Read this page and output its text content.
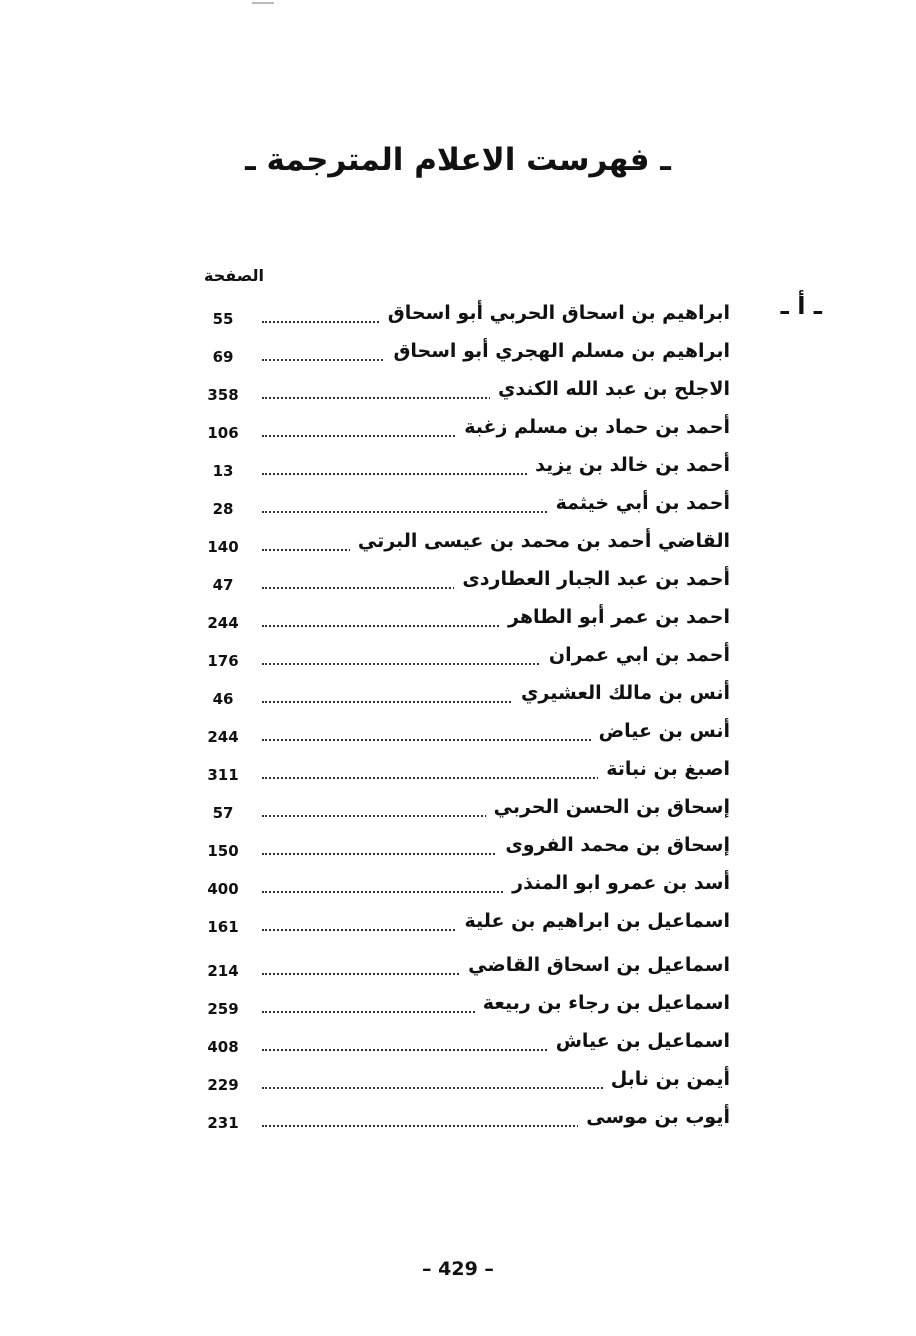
ـ فهرست الاعلام المترجمة ـ
الصفحة
ـ أ ـ
55	ابراهيم بن اسحاق الحربي أبو اسحاق
69	ابراهيم بن مسلم الهجري أبو اسحاق
358	الاجلح بن عبد الله الكندي
106	أحمد بن حماد بن مسلم زغبة
13	أحمد بن خالد بن يزيد
28	أحمد بن أبي خيثمة
140	القاضي أحمد بن محمد بن عيسى البرتي
47	أحمد بن عبد الجبار العطاردى
244	احمد بن عمر أبو الطاهر
176	أحمد بن ابي عمران
46	أنس بن مالك العشيري
244	أنس بن عياض
311	اصبغ بن نباتة
57	إسحاق بن الحسن الحربي
150	إسحاق بن محمد الفروى
400	أسد بن عمرو ابو المنذر
161	اسماعيل بن ابراهيم بن علية
214	اسماعيل بن اسحاق القاضي
259	اسماعيل بن رجاء بن ربيعة
408	اسماعيل بن عياش
229	أيمن بن نابل
231	أيوب بن موسى
– 429 –
